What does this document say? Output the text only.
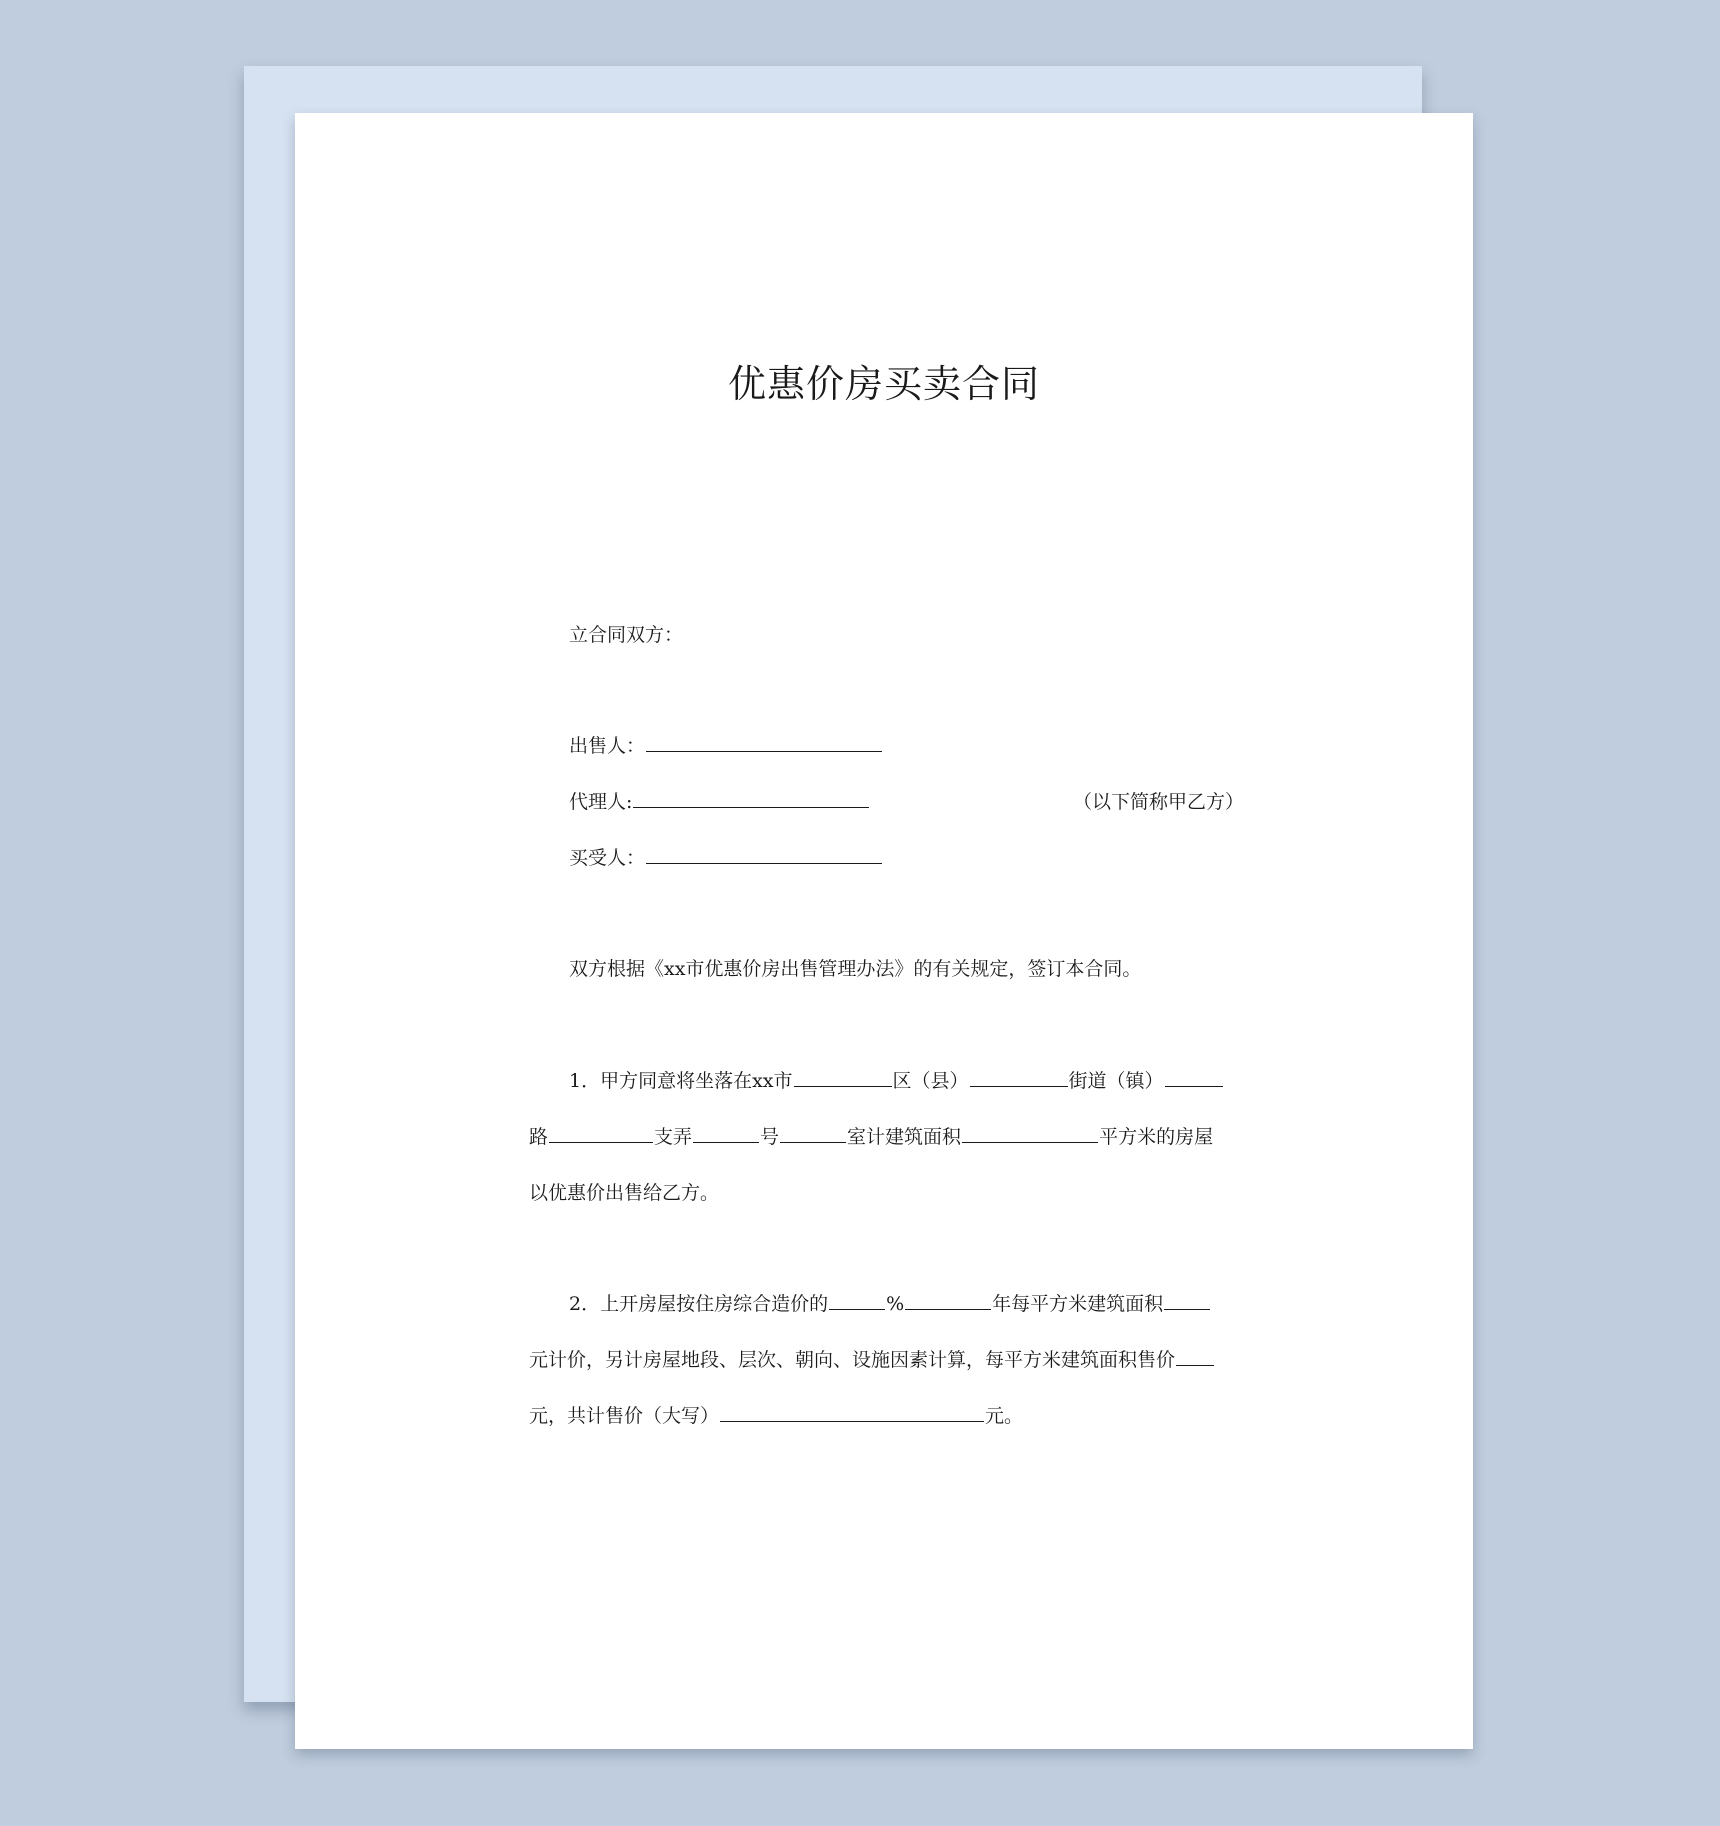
优惠价房买卖合同
立合同双方：
出售人：
代理人:	（以下简称甲乙方）
买受人：
双方根据《xx市优惠价房出售管理办法》的有关规定，签订本合同。
1．甲方同意将坐落在xx市	区（县）	街道（镇）
路	支弄	号	室计建筑面积	平方米的房屋
以优惠价出售给乙方。
2．上开房屋按住房综合造价的	%	年每平方米建筑面积
元计价，另计房屋地段、层次、朝向、设施因素计算，每平方米建筑面积售价
元，共计售价（大写）	元。
